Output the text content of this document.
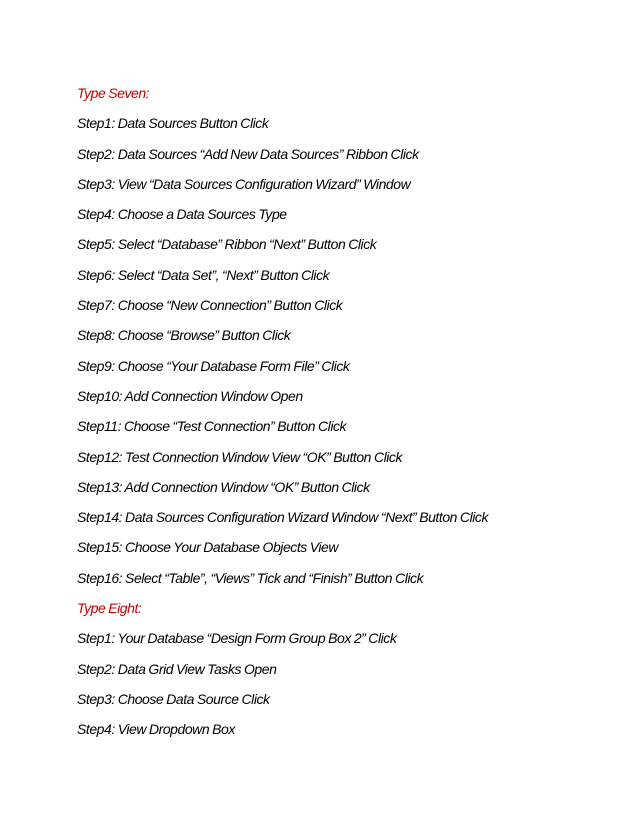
Type Seven:
Step1: Data Sources Button Click
Step2: Data Sources “Add New Data Sources” Ribbon Click
Step3: View “Data Sources Configuration Wizard” Window
Step4: Choose a Data Sources Type
Step5: Select “Database” Ribbon “Next” Button Click
Step6: Select “Data Set”, “Next” Button Click
Step7: Choose “New Connection” Button Click
Step8: Choose “Browse” Button Click
Step9: Choose “Your Database Form File” Click
Step10: Add Connection Window Open
Step11: Choose “Test Connection” Button Click
Step12: Test Connection Window View “OK” Button Click
Step13: Add Connection Window “OK” Button Click
Step14: Data Sources Configuration Wizard Window “Next” Button Click
Step15: Choose Your Database Objects View
Step16: Select “Table”, “Views” Tick and “Finish” Button Click
Type Eight:
Step1: Your Database “Design Form Group Box 2” Click
Step2: Data Grid View Tasks Open
Step3: Choose Data Source Click
Step4: View Dropdown Box
